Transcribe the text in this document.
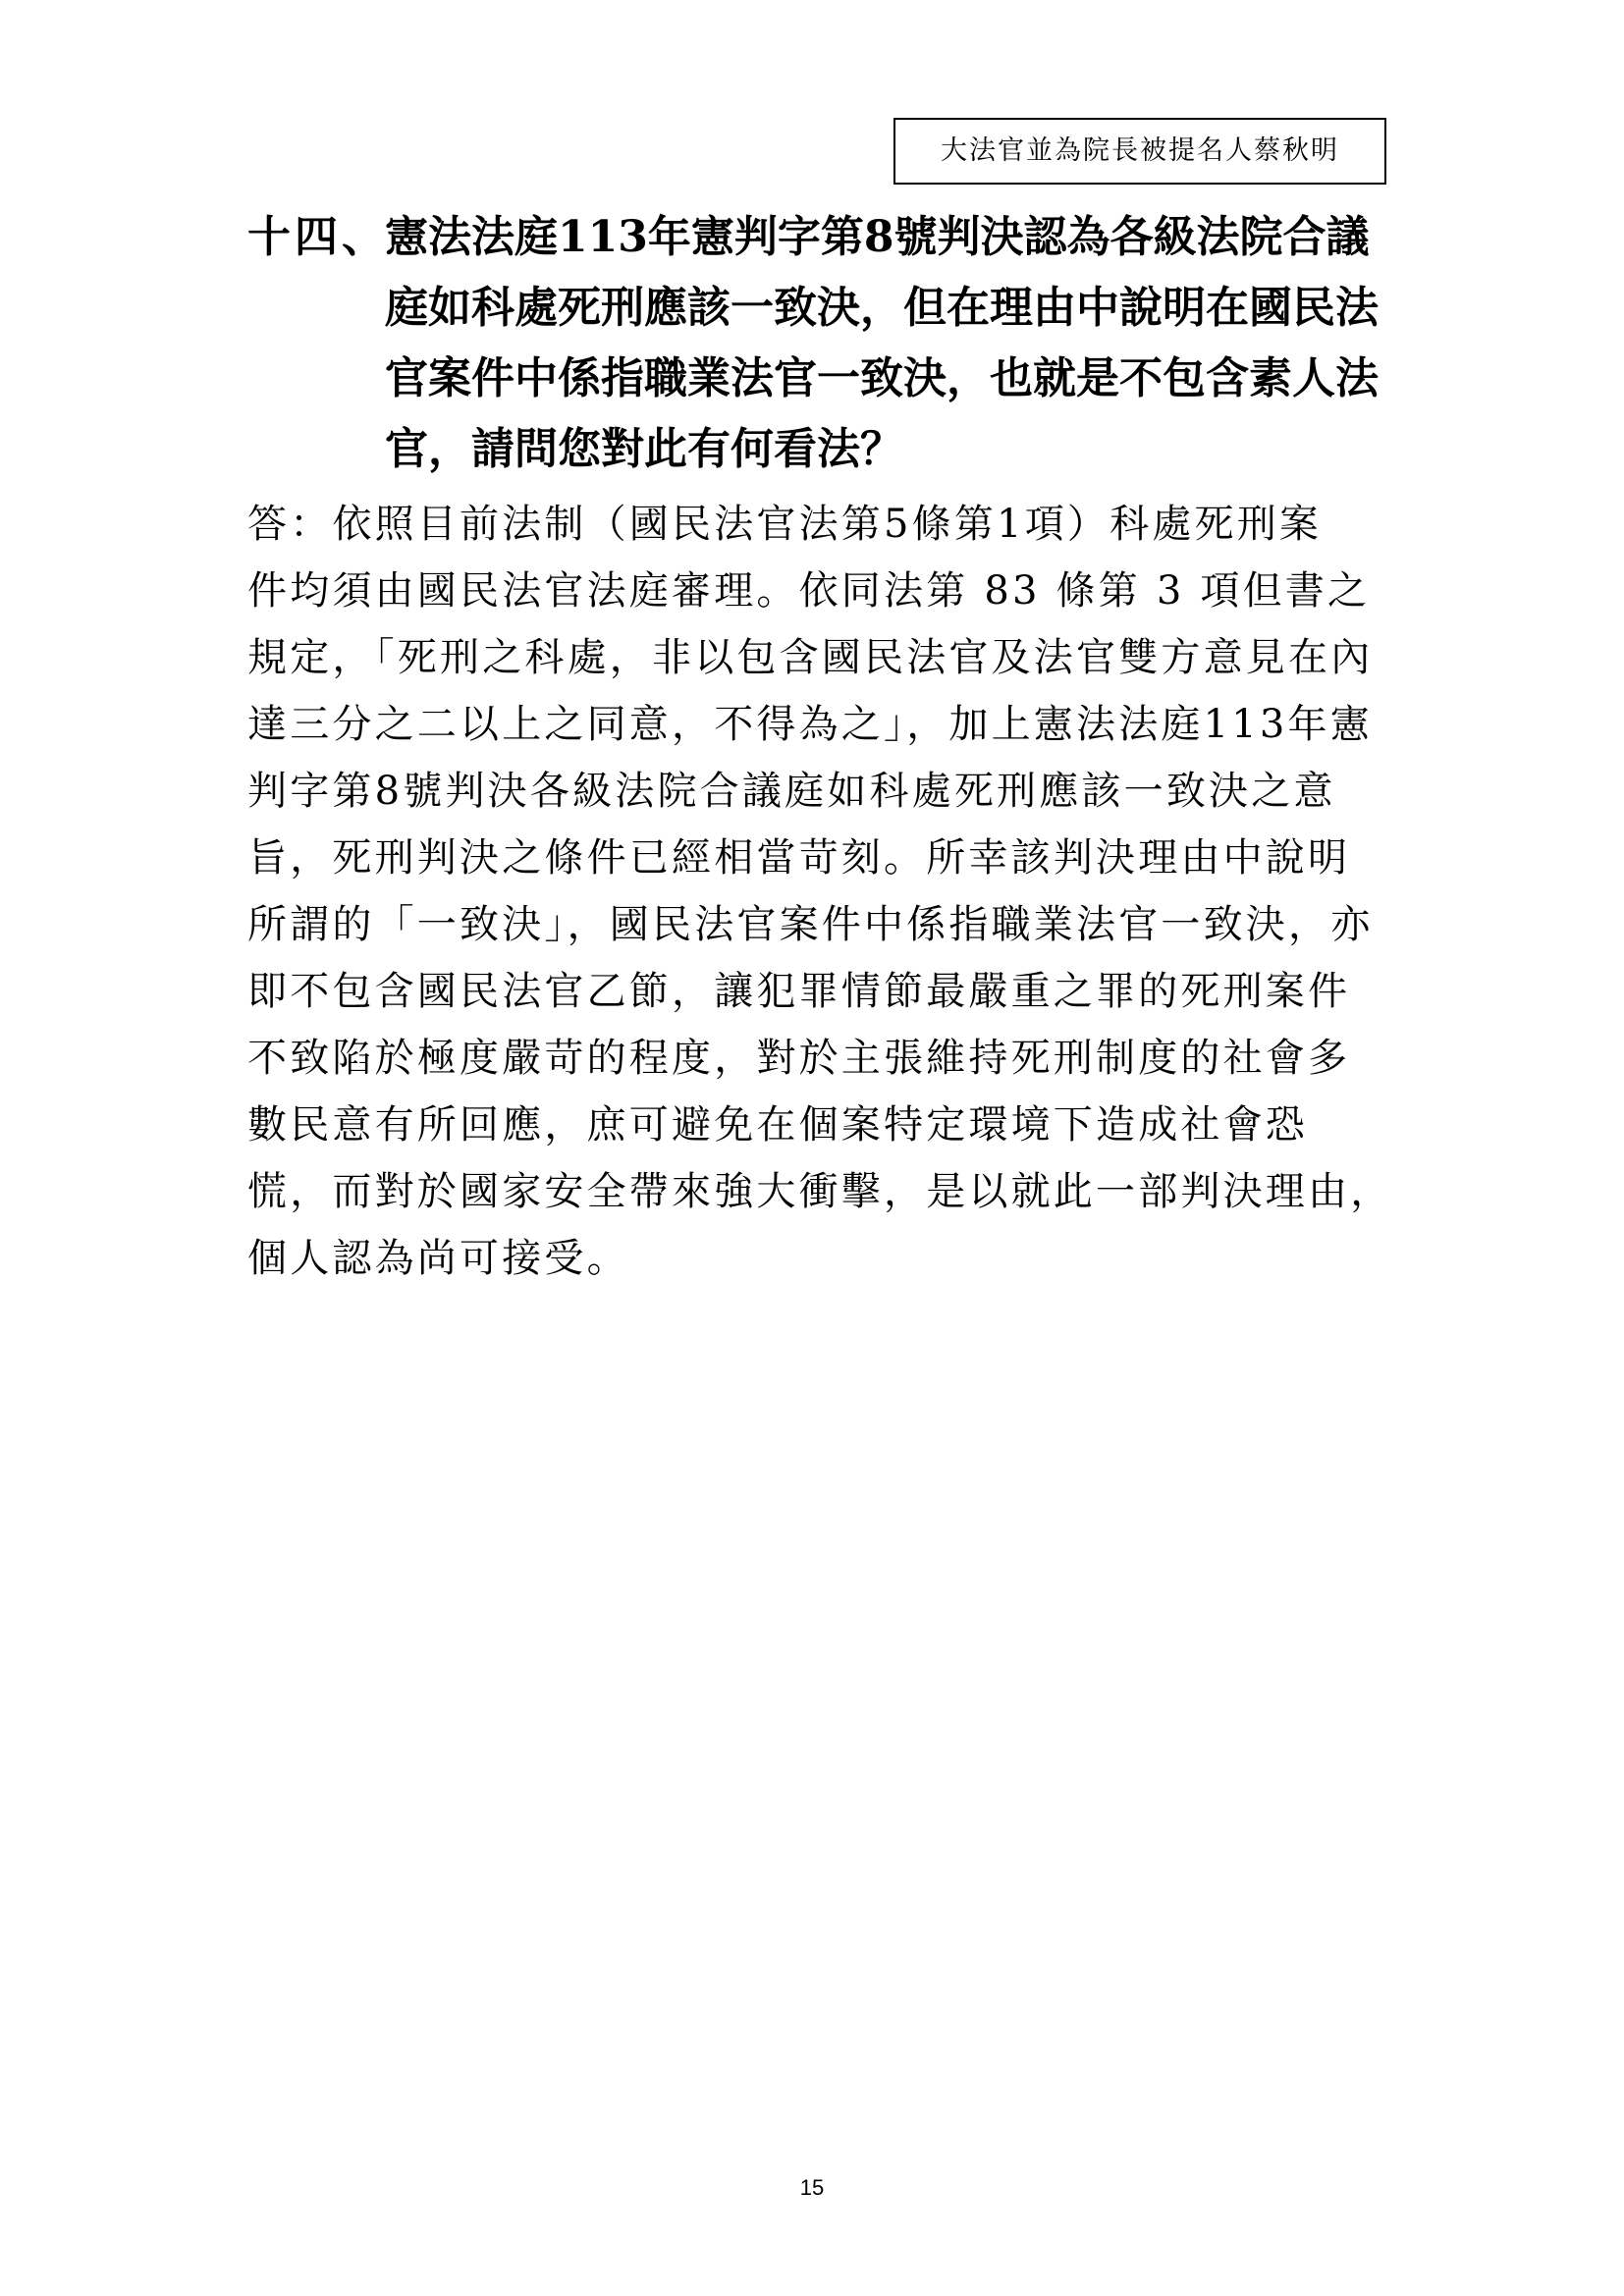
大法官並為院長被提名人蔡秋明
十四、
憲法法庭113年憲判字第8號判決認為各級法院合議
庭如科處死刑應該一致決，但在理由中說明在國民法
官案件中係指職業法官一致決，也就是不包含素人法
官，請問您對此有何看法？
答：依照目前法制（國民法官法第5條第1項）科處死刑案
件均須由國民法官法庭審理。依同法第 83 條第 3 項但書之
規定，「死刑之科處，非以包含國民法官及法官雙方意見在內
達三分之二以上之同意，不得為之」，加上憲法法庭113年憲
判字第8號判決各級法院合議庭如科處死刑應該一致決之意
旨，死刑判決之條件已經相當苛刻。所幸該判決理由中說明
所謂的「一致決」，國民法官案件中係指職業法官一致決，亦
即不包含國民法官乙節，讓犯罪情節最嚴重之罪的死刑案件
不致陷於極度嚴苛的程度，對於主張維持死刑制度的社會多
數民意有所回應，庶可避免在個案特定環境下造成社會恐
慌，而對於國家安全帶來強大衝擊，是以就此一部判決理由，
個人認為尚可接受。
15
